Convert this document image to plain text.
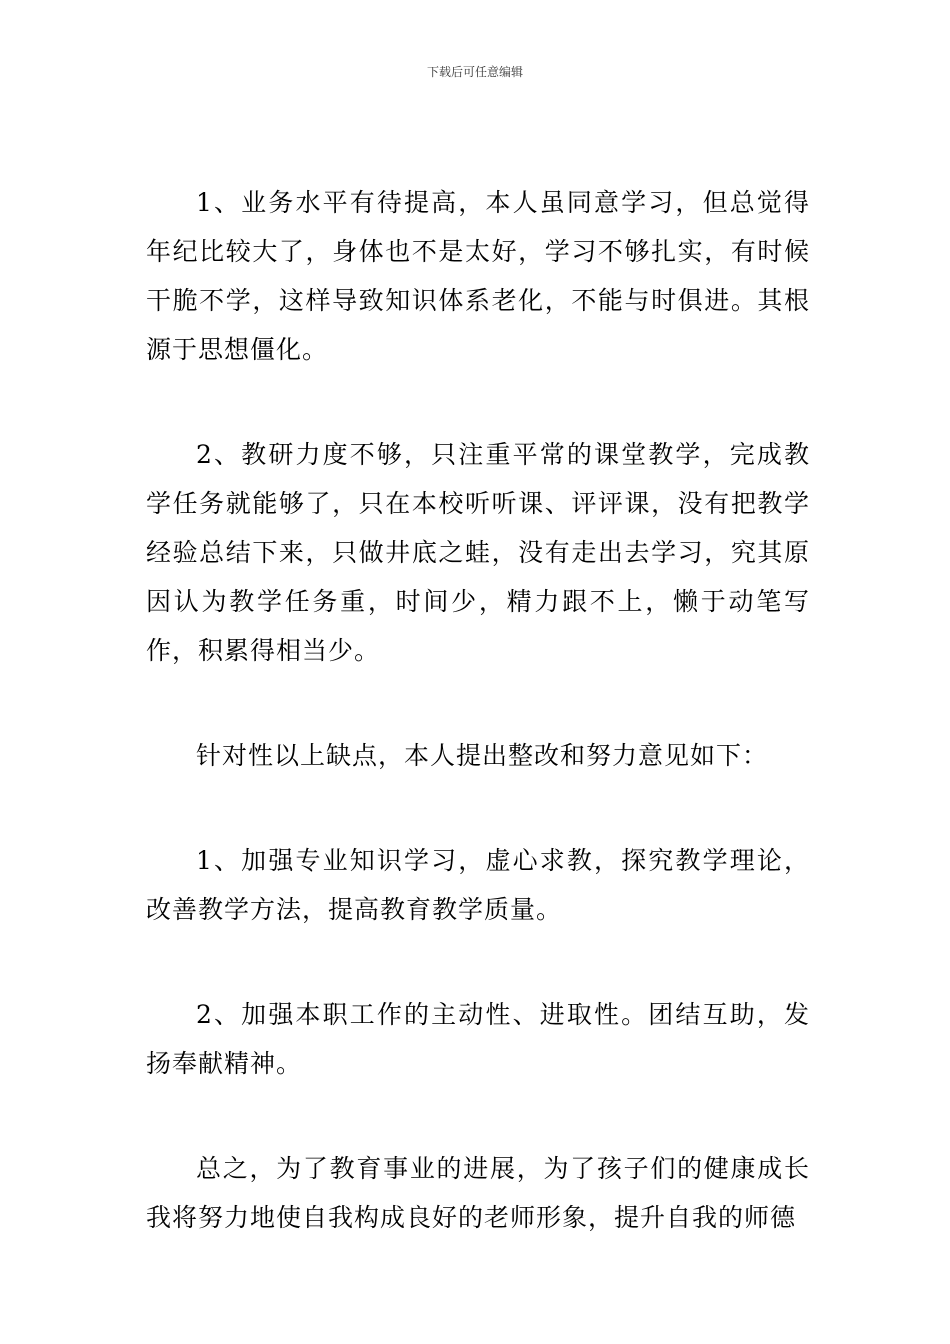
下载后可任意编辑

1、业务水平有待提高，本人虽同意学习，但总觉得年纪比较大了，身体也不是太好，学习不够扎实，有时候干脆不学，这样导致知识体系老化，不能与时俱进。其根源于思想僵化。

2、教研力度不够，只注重平常的课堂教学，完成教学任务就能够了，只在本校听听课、评评课，没有把教学经验总结下来，只做井底之蛙，没有走出去学习，究其原因认为教学任务重，时间少，精力跟不上，懒于动笔写作，积累得相当少。

针对性以上缺点，本人提出整改和努力意见如下：

1、加强专业知识学习，虚心求教，探究教学理论，改善教学方法，提高教育教学质量。

2、加强本职工作的主动性、进取性。团结互助，发扬奉献精神。

总之，为了教育事业的进展，为了孩子们的健康成长我将努力地使自我构成良好的老师形象，提升自我的师德
